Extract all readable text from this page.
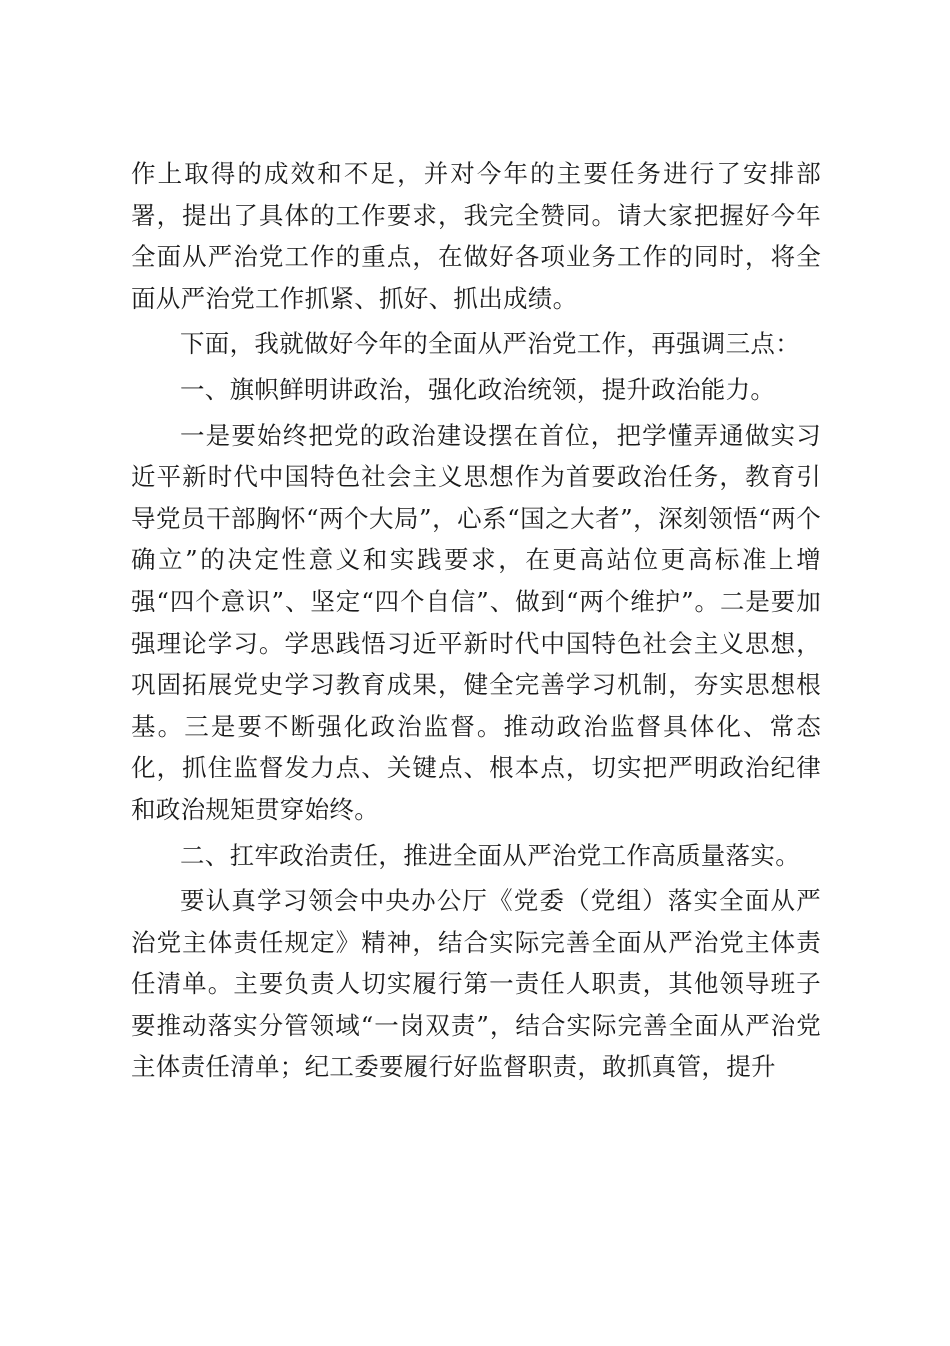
作上取得的成效和不足，并对今年的主要任务进行了安排部署，提出了具体的工作要求，我完全赞同。请大家把握好今年全面从严治党工作的重点，在做好各项业务工作的同时，将全面从严治党工作抓紧、抓好、抓出成绩。

下面，我就做好今年的全面从严治党工作，再强调三点：

一、旗帜鲜明讲政治，强化政治统领，提升政治能力。

一是要始终把党的政治建设摆在首位，把学懂弄通做实习近平新时代中国特色社会主义思想作为首要政治任务，教育引导党员干部胸怀“两个大局”，心系“国之大者”，深刻领悟“两个确立”的决定性意义和实践要求，在更高站位更高标准上增强“四个意识”、坚定“四个自信”、做到“两个维护”。二是要加强理论学习。学思践悟习近平新时代中国特色社会主义思想，巩固拓展党史学习教育成果，健全完善学习机制，夯实思想根基。三是要不断强化政治监督。推动政治监督具体化、常态化，抓住监督发力点、关键点、根本点，切实把严明政治纪律和政治规矩贯穿始终。

二、扛牢政治责任，推进全面从严治党工作高质量落实。

要认真学习领会中央办公厅《党委（党组）落实全面从严治党主体责任规定》精神，结合实际完善全面从严治党主体责任清单。主要负责人切实履行第一责任人职责，其他领导班子要推动落实分管领域“一岗双责”，结合实际完善全面从严治党主体责任清单；纪工委要履行好监督职责，敢抓真管，提升
